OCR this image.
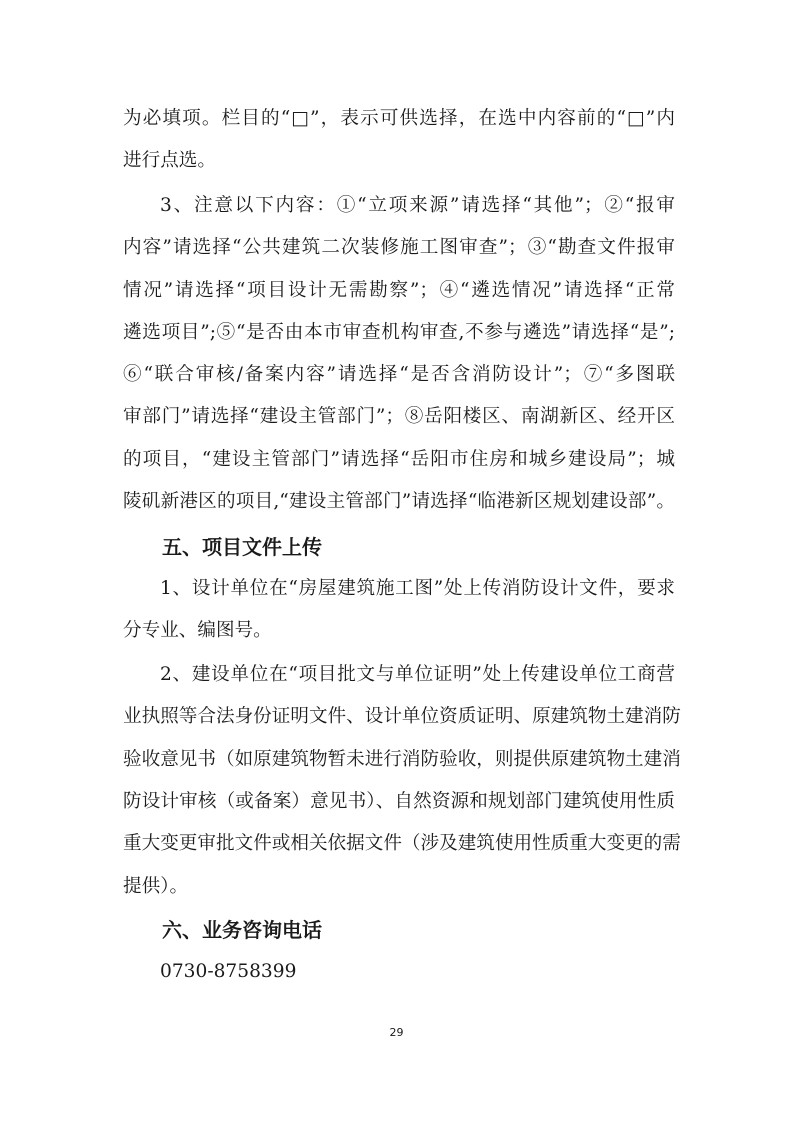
为必填项。栏目的“□”，表示可供选择，在选中内容前的“□”内
进行点选。
3、注意以下内容：①“立项来源”请选择“其他”；②“报审
内容”请选择“公共建筑二次装修施工图审查”；③“勘查文件报审
情况”请选择“项目设计无需勘察”；④“遴选情况”请选择“正常
遴选项目”;⑤“是否由本市审查机构审查,不参与遴选”请选择“是”;
⑥“联合审核/备案内容”请选择“是否含消防设计”；⑦“多图联
审部门”请选择“建设主管部门”；⑧岳阳楼区、南湖新区、经开区
的项目，“建设主管部门”请选择“岳阳市住房和城乡建设局”；城
陵矶新港区的项目,“建设主管部门”请选择“临港新区规划建设部”。
五、项目文件上传
1、设计单位在“房屋建筑施工图”处上传消防设计文件，要求
分专业、编图号。
2、建设单位在“项目批文与单位证明”处上传建设单位工商营
业执照等合法身份证明文件、设计单位资质证明、原建筑物土建消防
验收意见书（如原建筑物暂未进行消防验收，则提供原建筑物土建消
防设计审核（或备案）意见书）、自然资源和规划部门建筑使用性质
重大变更审批文件或相关依据文件（涉及建筑使用性质重大变更的需
提供）。
六、业务咨询电话
0730-8758399
29
